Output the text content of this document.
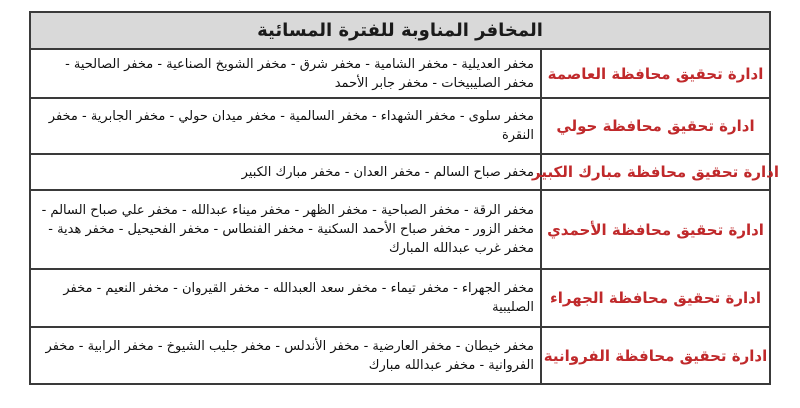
المخافر المناوبة للفترة المسائية
ادارة تحقيق محافظة العاصمة
مخفر العديلية - مخفر الشامية - مخفر شرق - مخفر الشويخ الصناعية - مخفر الصالحية - مخفر الصليبيخات - مخفر جابر الأحمد
ادارة تحقيق محافظة حولي
مخفر سلوى - مخفر الشهداء - مخفر السالمية - مخفر ميدان حولي - مخفر الجابرية - مخفر النقرة
ادارة تحقيق محافظة مبارك الكبير
مخفر صباح السالم - مخفر العدان - مخفر مبارك الكبير
ادارة تحقيق محافظة الأحمدي
مخفر الرقة - مخفر الصباحية - مخفر الظهر - مخفر ميناء عبدالله - مخفر علي صباح السالم - مخفر الزور - مخفر صباح الأحمد السكنية - مخفر الفنطاس - مخفر الفحيحيل - مخفر هدية - مخفر غرب عبدالله المبارك
ادارة تحقيق محافظة الجهراء
مخفر الجهراء - مخفر تيماء - مخفر سعد العبدالله - مخفر القيروان - مخفر النعيم - مخفر الصليبية
ادارة تحقيق محافظة الفروانية
مخفر خيطان - مخفر العارضية - مخفر الأندلس - مخفر جليب الشيوخ - مخفر الرابية - مخفر الفروانية - مخفر عبدالله مبارك
